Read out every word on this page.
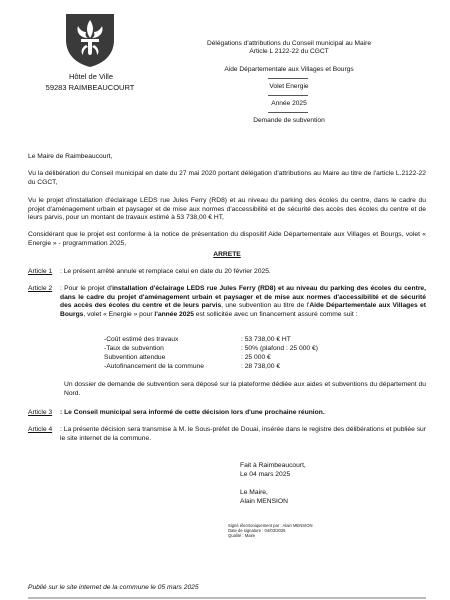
Hôtel de Ville
59283 RAIMBEAUCOURT
Délégations d'attributions du Conseil municipal au Maire
Article L 2122-22 du CGCT
Aide Départementale aux Villages et Bourgs
Volet Energie
Année 2025
Demande de subvention
Le Maire de Raimbeaucourt,
Vu la délibération du Conseil municipal en date du 27 mai 2020 portant délégation d'attributions au Maire au titre de l'article L.2122-22 du CGCT,
Vu le projet d'installation d'éclairage LEDS rue Jules Ferry (RD8) et au niveau du parking des écoles du centre, dans le cadre du projet d'aménagement urbain et paysager et de mise aux normes d'accessibilité et de sécurité des accès des écoles du centre et de leurs parvis, pour un montant de travaux estimé à 53 738,00 € HT,
Considérant que le projet est conforme à la notice de présentation du dispositif Aide Départementale aux Villages et Bourgs, volet « Energie » - programmation 2025,
ARRETE
Article 1 : Le présent arrêté annule et remplace celui en date du 20 février 2025.
Article 2 : Pour le projet d'installation d'éclairage LEDS rue Jules Ferry (RD8) et au niveau du parking des écoles du centre, dans le cadre du projet d'aménagement urbain et paysager et de mise aux normes d'accessibilité et de sécurité des accès des écoles du centre et de leurs parvis, une subvention au titre de l'Aide Départementale aux Villages et Bourgs, volet « Energie » pour l'année 2025 est sollicitée avec un financement assuré comme suit :
-Coût estimé des travaux	: 53 738,00 € HT
-Taux de subvention	: 50% (plafond : 25 000 €)
Subvention attendue	: 25 000 €
-Autofinancement de la commune	: 28 738,00 €
Un dossier de demande de subvention sera déposé sur la plateforme dédiée aux aides et subventions du département du Nord.
Article 3 : Le Conseil municipal sera informé de cette décision lors d'une prochaine réunion.
Article 4 : La présente décision sera transmise à M. le Sous-préfet de Douai, insérée dans le registre des délibérations et publiée sur le site internet de la commune.
Fait à Raimbeaucourt,
Le 04 mars 2025
Le Maire,
Alain MENSION
Signé électroniquement par : Alain MENSION
Date de signature : 04/03/2025
Qualité : Maire
Publié sur le site internet de la commune le 05 mars 2025
